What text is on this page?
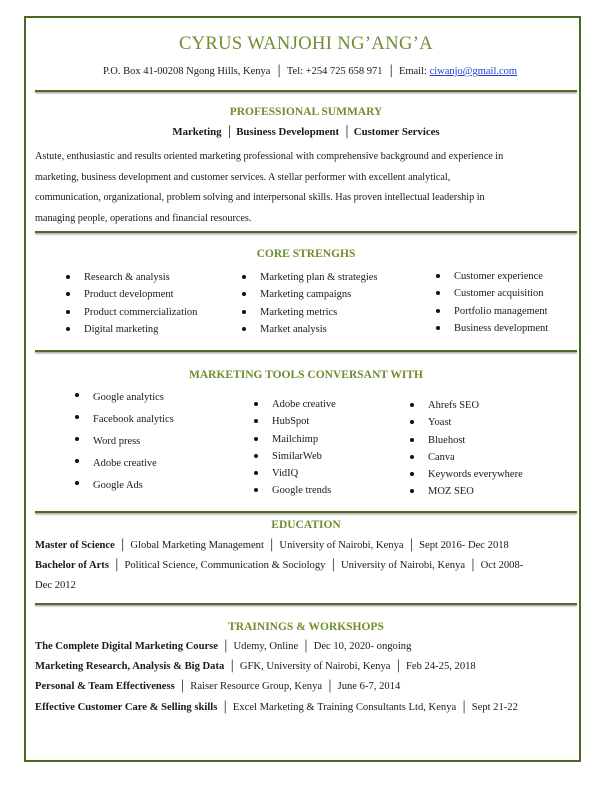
CYRUS WANJOHI NG’ANG’A
P.O. Box 41-00208 Ngong Hills, Kenya │ Tel: +254 725 658 971 │ Email: ciwanjo@gmail.com
PROFESSIONAL SUMMARY
Marketing │ Business Development │ Customer Services
Astute, enthusiastic and results oriented marketing professional with comprehensive background and experience in
marketing, business development and customer services. A stellar performer with excellent analytical,
communication, organizational, problem solving and interpersonal skills. Has proven intellectual leadership in
managing people, operations and financial resources.
CORE STRENGHS
Research & analysis
Product development
Product commercialization
Digital marketing
Marketing plan & strategies
Marketing campaigns
Marketing metrics
Market analysis
Customer experience
Customer acquisition
Portfolio management
Business development
MARKETING TOOLS CONVERSANT WITH
Google analytics
Facebook analytics
Word press
Adobe creative
Google Ads
Adobe creative
HubSpot
Mailchimp
SimilarWeb
VidIQ
Google trends
Ahrefs SEO
Yoast
Bluehost
Canva
Keywords everywhere
MOZ SEO
EDUCATION
Master of Science │ Global Marketing Management │ University of Nairobi, Kenya │ Sept 2016- Dec 2018
Bachelor of Arts │ Political Science, Communication & Sociology │ University of Nairobi, Kenya │ Oct 2008-
Dec 2012
TRAININGS & WORKSHOPS
The Complete Digital Marketing Course │ Udemy, Online │ Dec 10, 2020- ongoing
Marketing Research, Analysis & Big Data │ GFK, University of Nairobi, Kenya │ Feb 24-25, 2018
Personal & Team Effectiveness │ Raiser Resource Group, Kenya │ June 6-7, 2014
Effective Customer Care & Selling skills │ Excel Marketing & Training Consultants Ltd, Kenya │ Sept 21-22
